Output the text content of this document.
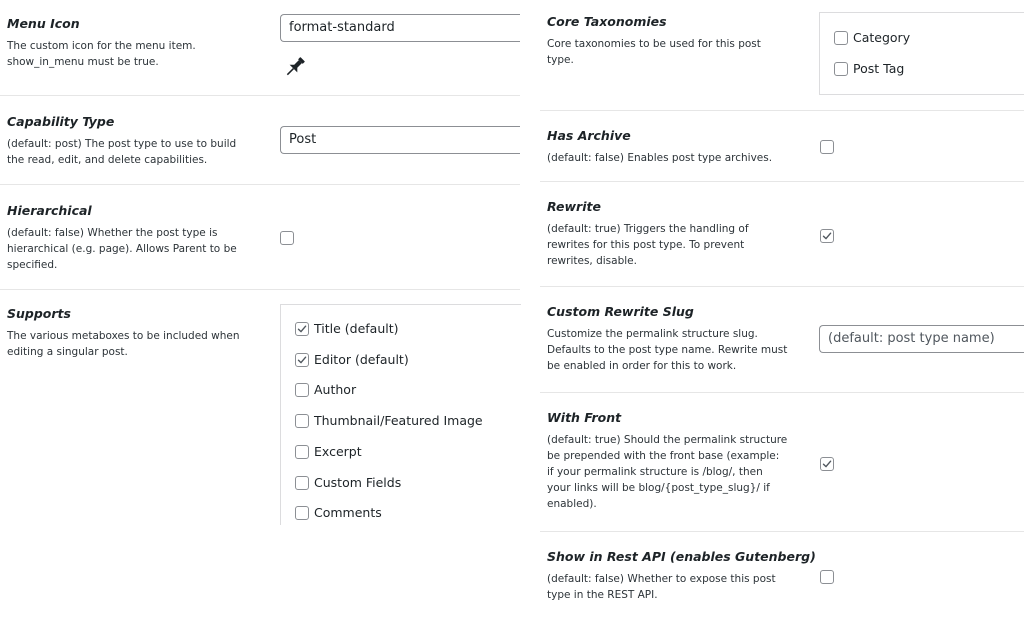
Menu Icon
The custom icon for the menu item.
show_in_menu must be true.
format-standard
Capability Type
(default: post) The post type to use to build
the read, edit, and delete capabilities.
Post
Hierarchical
(default: false) Whether the post type is
hierarchical (e.g. page). Allows Parent to be
specified.
Supports
The various metaboxes to be included when
editing a singular post.
Title (default)
Editor (default)
Author
Thumbnail/Featured Image
Excerpt
Custom Fields
Comments
Core Taxonomies
Core taxonomies to be used for this post
type.
Category
Post Tag
Has Archive
(default: false) Enables post type archives.
Rewrite
(default: true) Triggers the handling of
rewrites for this post type. To prevent
rewrites, disable.
Custom Rewrite Slug
Customize the permalink structure slug.
Defaults to the post type name. Rewrite must
be enabled in order for this to work.
(default: post type name)
With Front
(default: true) Should the permalink structure
be prepended with the front base (example:
if your permalink structure is /blog/, then
your links will be blog/{post_type_slug}/ if
enabled).
Show in Rest API (enables Gutenberg)
(default: false) Whether to expose this post
type in the REST API.
